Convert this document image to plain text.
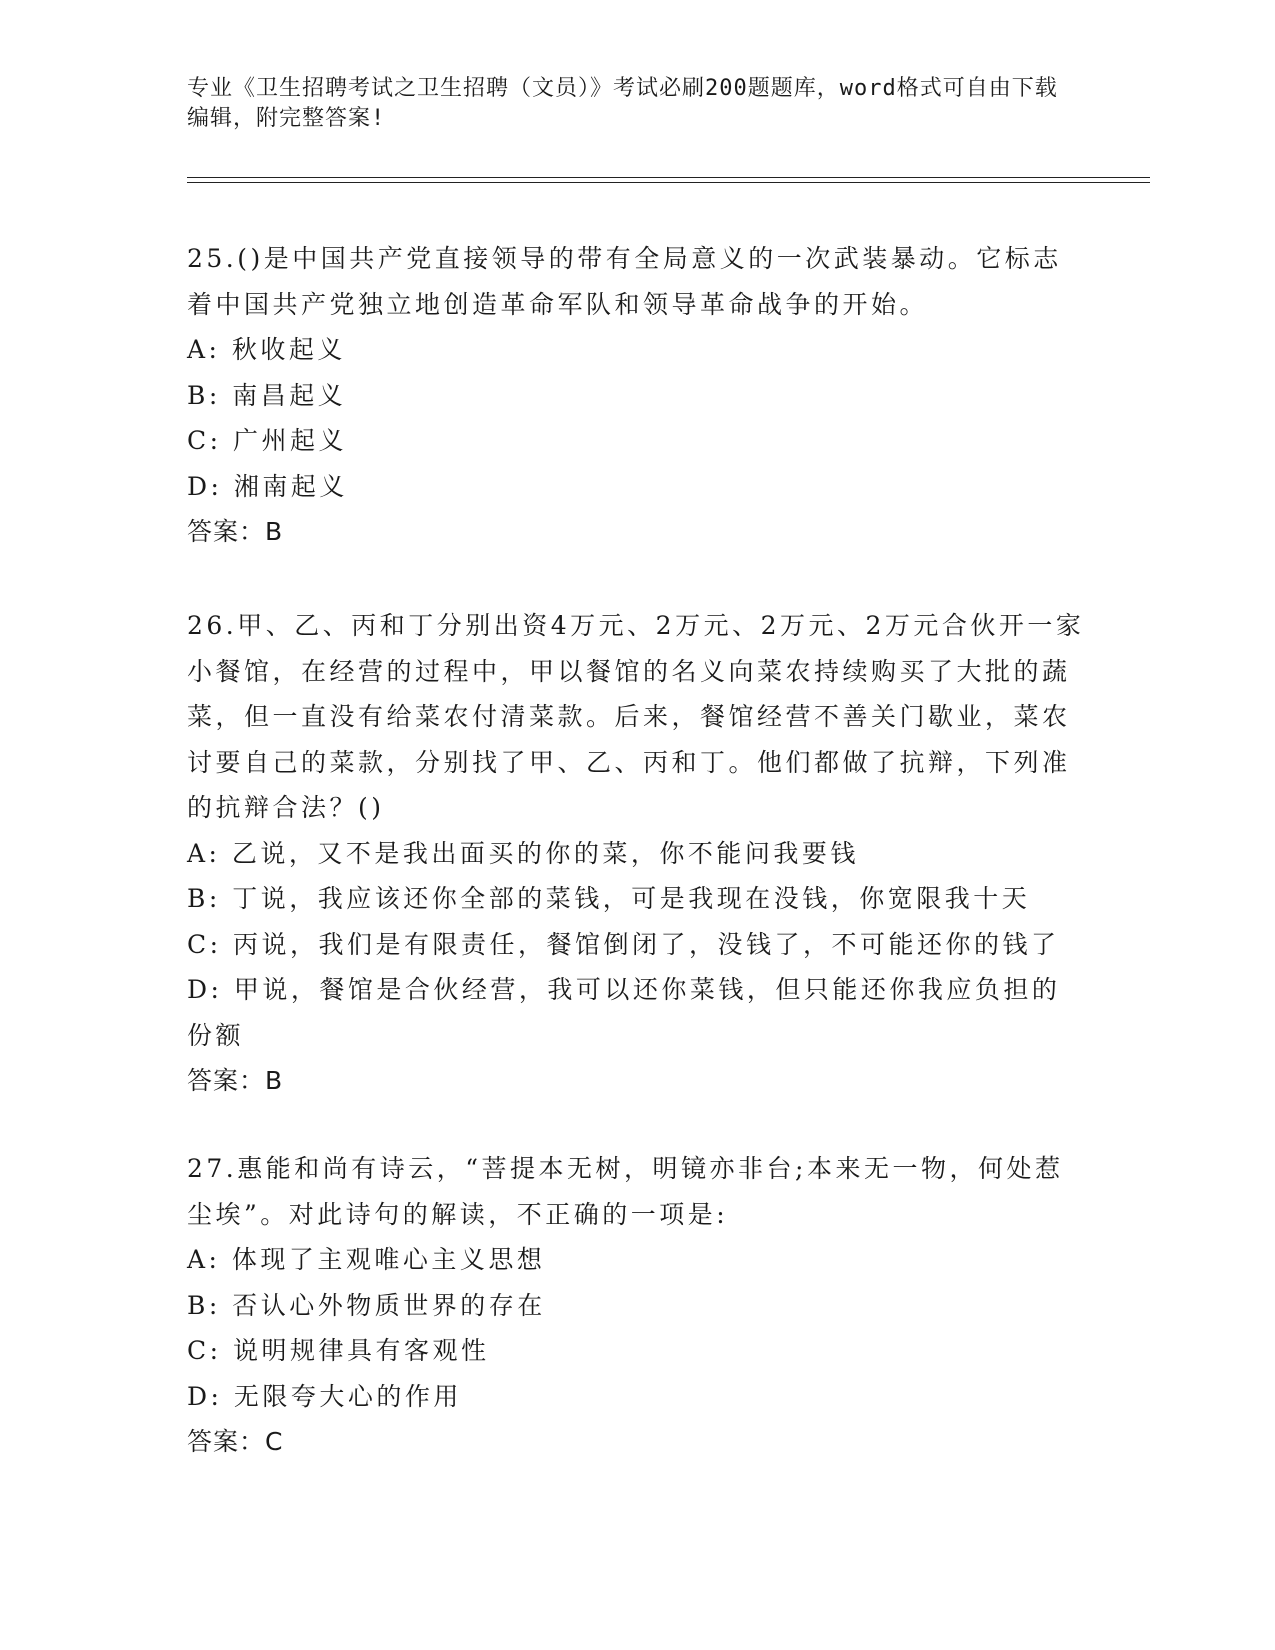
专业《卫生招聘考试之卫生招聘（文员）》考试必刷200题题库，word格式可自由下载编辑，附完整答案!

25.()是中国共产党直接领导的带有全局意义的一次武装暴动。它标志着中国共产党独立地创造革命军队和领导革命战争的开始。

A: 秋收起义

B: 南昌起义

C: 广州起义

D: 湘南起义

答案：B

26.甲、乙、丙和丁分别出资4万元、2万元、2万元、2万元合伙开一家小餐馆，在经营的过程中，甲以餐馆的名义向菜农持续购买了大批的蔬菜，但一直没有给菜农付清菜款。后来，餐馆经营不善关门歇业，菜农讨要自己的菜款，分别找了甲、乙、丙和丁。他们都做了抗辩，下列准的抗辩合法？()

A: 乙说，又不是我出面买的你的菜，你不能问我要钱

B: 丁说，我应该还你全部的菜钱，可是我现在没钱，你宽限我十天

C: 丙说，我们是有限责任，餐馆倒闭了，没钱了，不可能还你的钱了

D: 甲说，餐馆是合伙经营，我可以还你菜钱，但只能还你我应负担的份额

答案：B

27.惠能和尚有诗云，“菩提本无树，明镜亦非台;本来无一物，何处惹尘埃”。对此诗句的解读，不正确的一项是:

A: 体现了主观唯心主义思想

B: 否认心外物质世界的存在

C: 说明规律具有客观性

D: 无限夸大心的作用

答案：C
